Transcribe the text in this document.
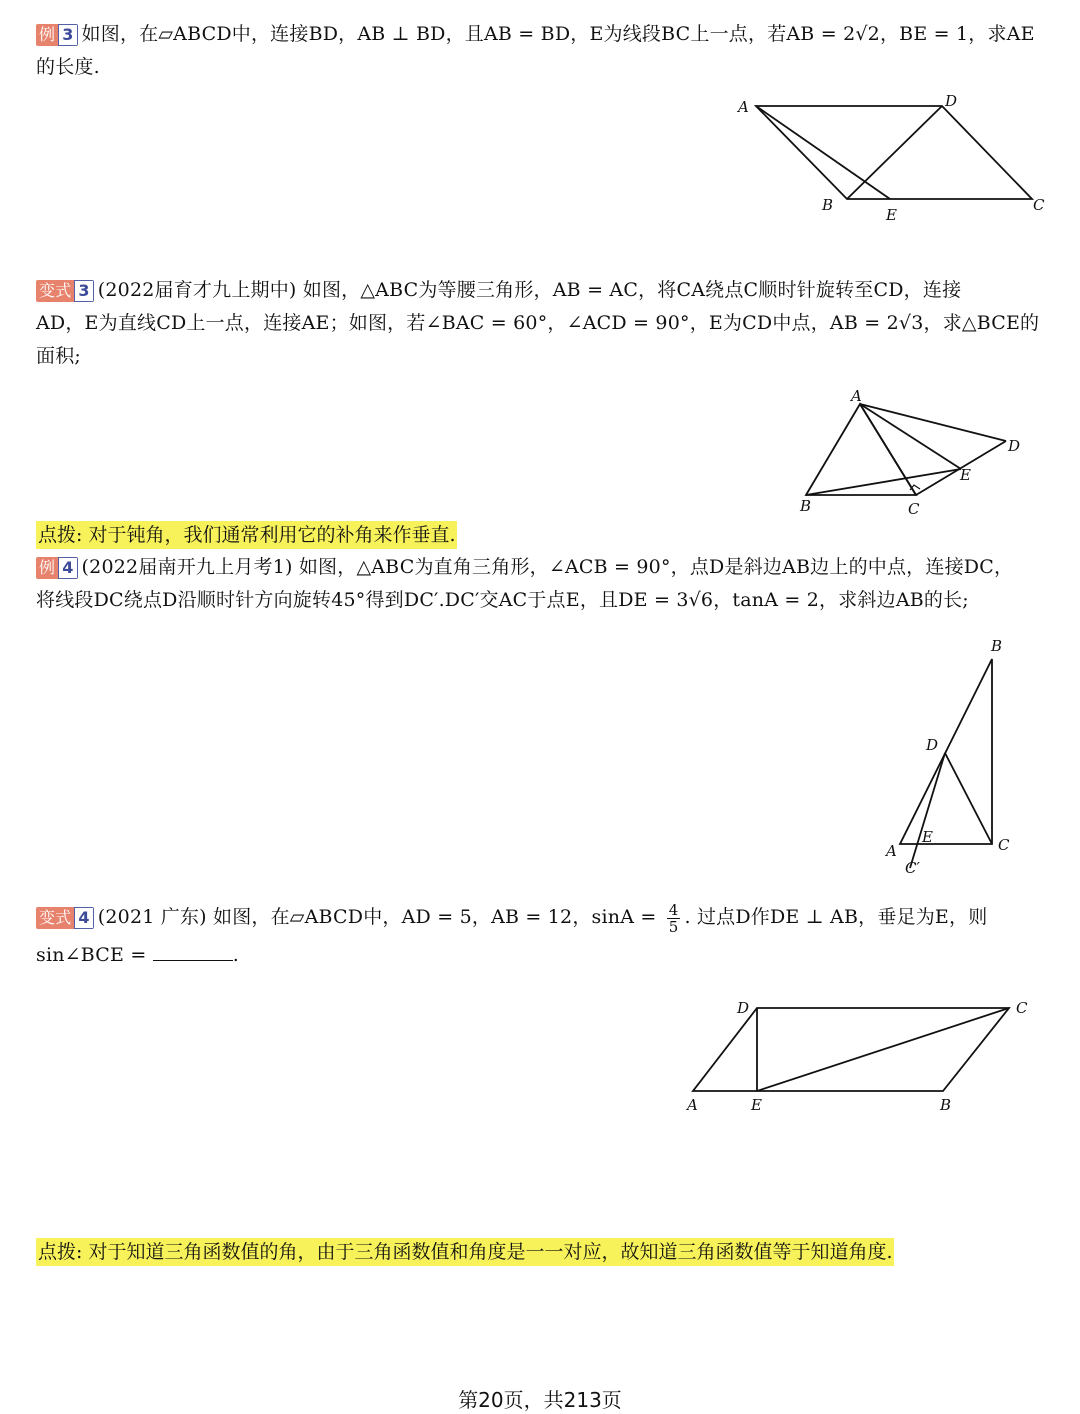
例 3 如图，在▱ABCD中，连接BD，AB ⊥ BD，且AB = BD，E为线段BC上一点，若AB = 2√2，BE = 1，求AE
的长度.
A	D
C
B
E
变式 3 (2022届育才九上期中) 如图，△ABC为等腰三角形，AB = AC，将CA绕点C顺时针旋转至CD，连接
AD，E为直线CD上一点，连接AE；如图，若∠BAC = 60°，∠ACD = 90°，E为CD中点，AB = 2√3，求△BCE的
面积;
A
D
E
B	C
点拨: 对于钝角，我们通常利用它的补角来作垂直.
例 4 (2022届南开九上月考1) 如图，△ABC为直角三角形，∠ACB = 90°，点D是斜边AB边上的中点，连接DC，
将线段DC绕点D沿顺时针方向旋转45°得到DC′.DC′交AC于点E，且DE = 3√6，tanA = 2，求斜边AB的长;
B
D
E
A	C
C′
变式 4 (2021 广东) 如图，在▱ABCD中，AD = 5，AB = 12，$\sin A = \frac{4}{5}$ . 过点D作DE ⊥ AB，垂足为E，则
sin∠BCE =	.
D	C
A	E	B
点拨: 对于知道三角函数值的角，由于三角函数值和角度是一一对应，故知道三角函数值等于知道角度.
第20页，共213页
